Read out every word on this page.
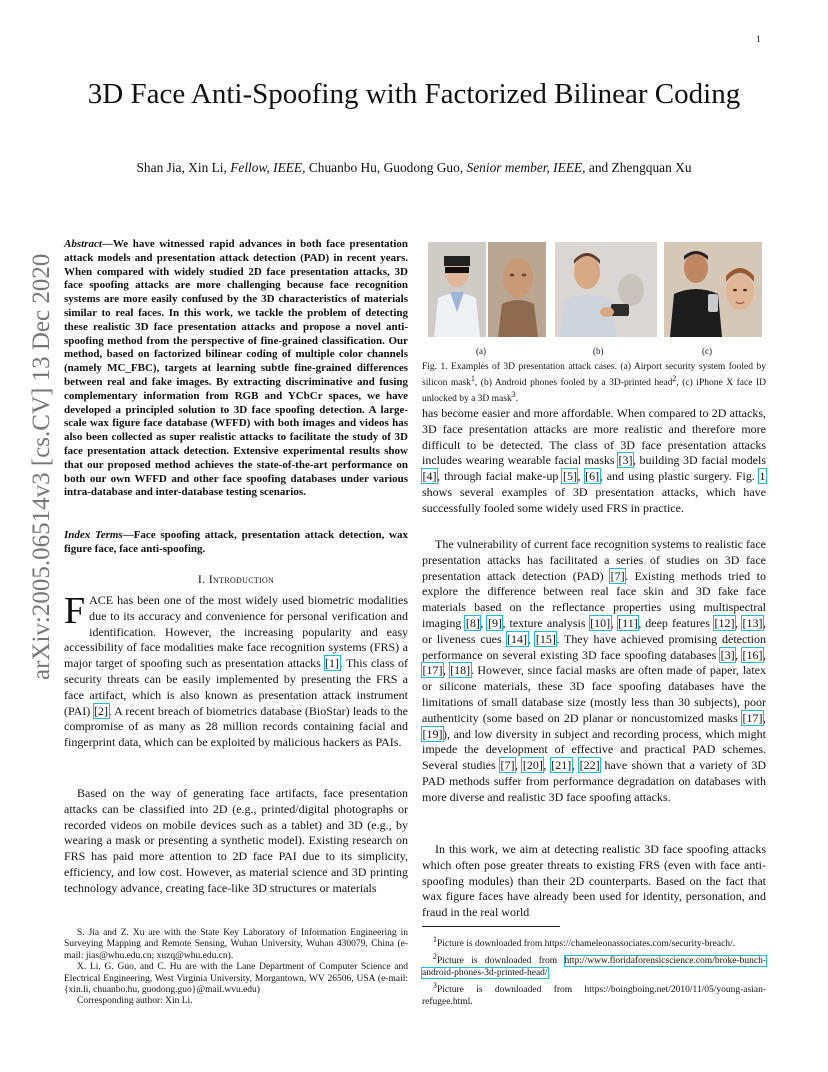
1
arXiv:2005.06514v3 [cs.CV] 13 Dec 2020
3D Face Anti-Spoofing with Factorized Bilinear Coding
Shan Jia, Xin Li, Fellow, IEEE, Chuanbo Hu, Guodong Guo, Senior member, IEEE, and Zhengquan Xu
Abstract—We have witnessed rapid advances in both face presentation attack models and presentation attack detection (PAD) in recent years. When compared with widely studied 2D face presentation attacks, 3D face spoofing attacks are more challenging because face recognition systems are more easily confused by the 3D characteristics of materials similar to real faces. In this work, we tackle the problem of detecting these realistic 3D face presentation attacks and propose a novel anti-spoofing method from the perspective of fine-grained classification. Our method, based on factorized bilinear coding of multiple color channels (namely MC_FBC), targets at learning subtle fine-grained differences between real and fake images. By extracting discriminative and fusing complementary information from RGB and YCbCr spaces, we have developed a principled solution to 3D face spoofing detection. A large-scale wax figure face database (WFFD) with both images and videos has also been collected as super realistic attacks to facilitate the study of 3D face presentation attack detection. Extensive experimental results show that our proposed method achieves the state-of-the-art performance on both our own WFFD and other face spoofing databases under various intra-database and inter-database testing scenarios.
Index Terms—Face spoofing attack, presentation attack detection, wax figure face, face anti-spoofing.
I. Introduction
FACE has been one of the most widely used biometric modalities due to its accuracy and convenience for personal verification and identification. However, the increasing popularity and easy accessibility of face modalities make face recognition systems (FRS) a major target of spoofing such as presentation attacks [1]. This class of security threats can be easily implemented by presenting the FRS a face artifact, which is also known as presentation attack instrument (PAI) [2]. A recent breach of biometrics database (BioStar) leads to the compromise of as many as 28 million records containing facial and fingerprint data, which can be exploited by malicious hackers as PAIs.
Based on the way of generating face artifacts, face presentation attacks can be classified into 2D (e.g., printed/digital photographs or recorded videos on mobile devices such as a tablet) and 3D (e.g., by wearing a mask or presenting a synthetic model). Existing research on FRS has paid more attention to 2D face PAI due to its simplicity, efficiency, and low cost. However, as material science and 3D printing technology advance, creating face-like 3D structures or materials

S. Jia and Z. Xu are with the State Key Laboratory of Information Engineering in Surveying Mapping and Remote Sensing, Wuhan University, Wuhan 430079, China (e-mail: jias@whu.edu.cn; xuzq@whu.edu.cn).

X. Li, G. Guo, and C. Hu are with the Lane Department of Computer Science and Electrical Engineering, West Virginia University, Morgantown, WV 26506, USA (e-mail: {xin.li, chuanbo.hu, guodong.guo}@mail.wvu.edu)

Corresponding author: Xin Li.

(a)	(b)	(c)
Fig. 1. Examples of 3D presentation attack cases. (a) Airport security system fooled by silicon mask$^1$, (b) Android phones fooled by a 3D-printed head$^2$, (c) iPhone X face ID unlocked by a 3D mask$^3$.
has become easier and more affordable. When compared to 2D attacks, 3D face presentation attacks are more realistic and therefore more difficult to be detected. The class of 3D face presentation attacks includes wearing wearable facial masks [3], building 3D facial models [4], through facial make-up [5], [6], and using plastic surgery. Fig. 1 shows several examples of 3D presentation attacks, which have successfully fooled some widely used FRS in practice.
The vulnerability of current face recognition systems to realistic face presentation attacks has facilitated a series of studies on 3D face presentation attack detection (PAD) [7]. Existing methods tried to explore the difference between real face skin and 3D fake face materials based on the reflectance properties using multispectral imaging [8], [9], texture analysis [10], [11], deep features [12], [13], or liveness cues [14], [15]. They have achieved promising detection performance on several existing 3D face spoofing databases [3], [16], [17], [18]. However, since facial masks are often made of paper, latex or silicone materials, these 3D face spoofing databases have the limitations of small database size (mostly less than 30 subjects), poor authenticity (some based on 2D planar or noncustomized masks [17], [19]), and low diversity in subject and recording process, which might impede the development of effective and practical PAD schemes. Several studies [7], [20], [21], [22] have shown that a variety of 3D PAD methods suffer from performance degradation on databases with more diverse and realistic 3D face spoofing attacks.
In this work, we aim at detecting realistic 3D face spoofing attacks which often pose greater threats to existing FRS (even with face anti-spoofing modules) than their 2D counterparts. Based on the fact that wax figure faces have already been used for identity, personation, and fraud in the real world

$^1$Picture is downloaded from https://chameleonassociates.com/security-breach/.

$^2$Picture is downloaded from http://www.floridaforensicscience.com/broke-bunch-android-phones-3d-printed-head/.

$^3$Picture is downloaded from https://boingboing.net/2010/11/05/young-asian-refugee.html.
